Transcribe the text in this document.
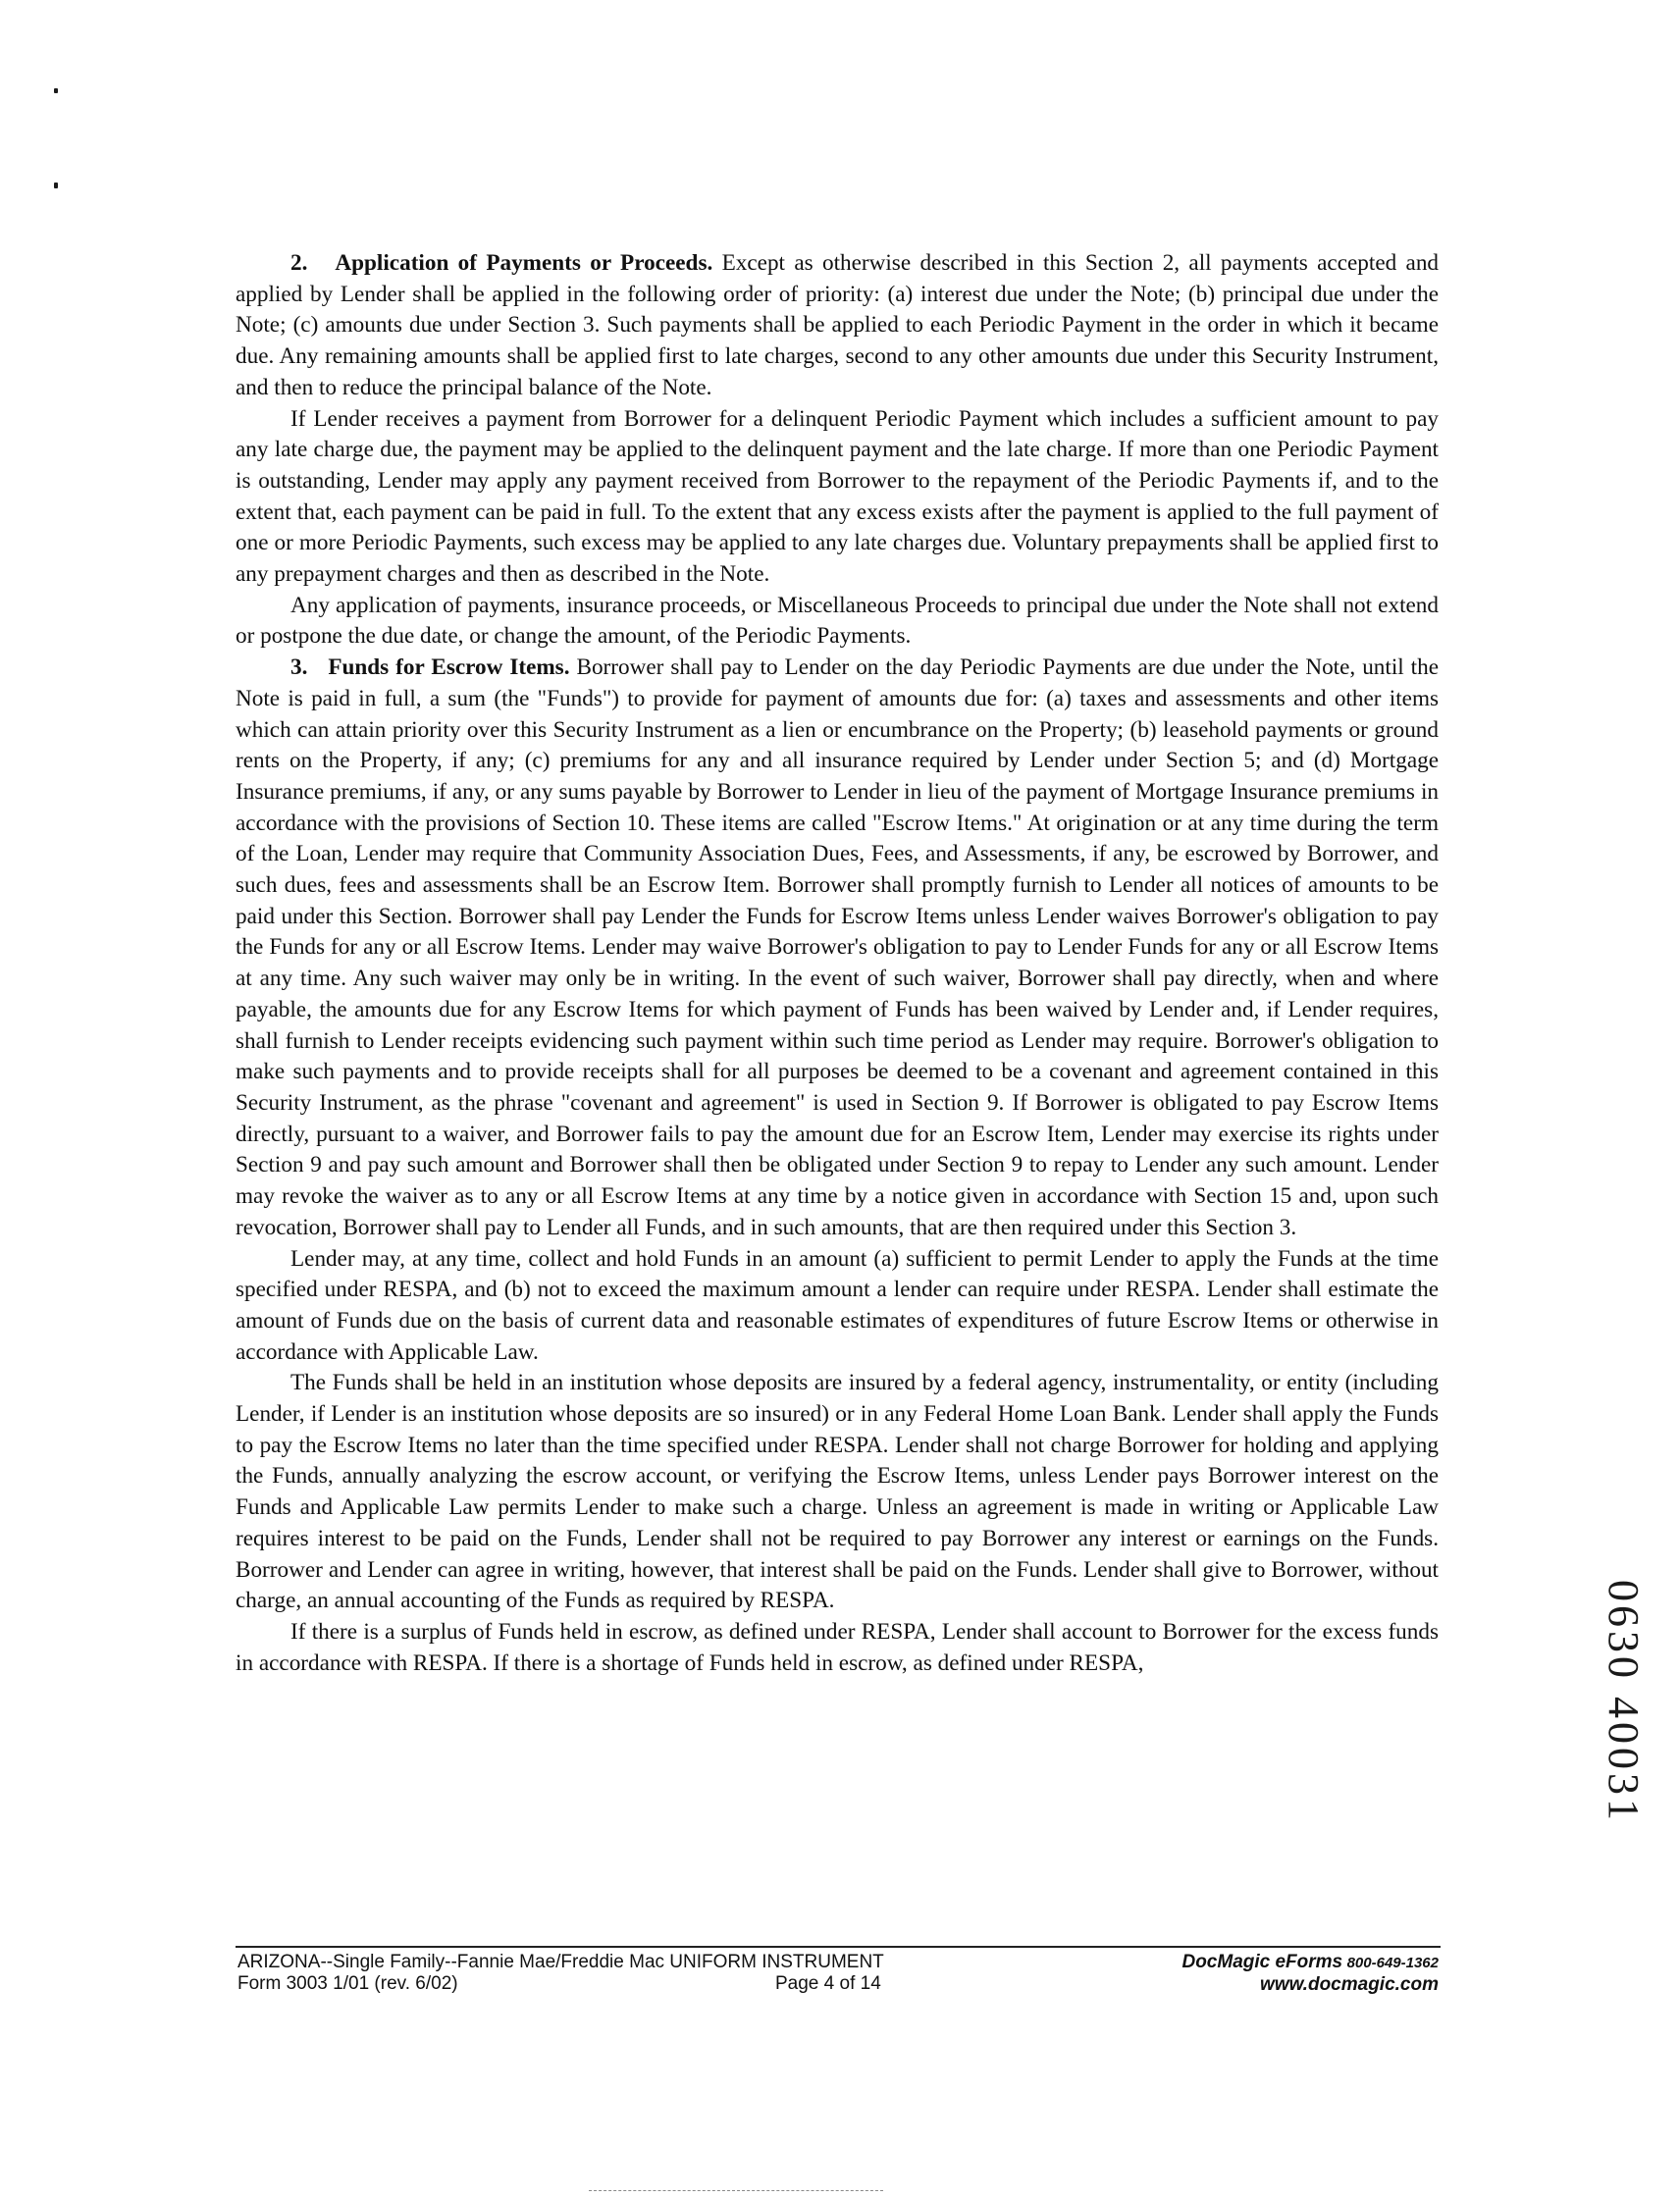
2. Application of Payments or Proceeds. Except as otherwise described in this Section 2, all payments accepted and applied by Lender shall be applied in the following order of priority: (a) interest due under the Note; (b) principal due under the Note; (c) amounts due under Section 3. Such payments shall be applied to each Periodic Payment in the order in which it became due. Any remaining amounts shall be applied first to late charges, second to any other amounts due under this Security Instrument, and then to reduce the principal balance of the Note.

If Lender receives a payment from Borrower for a delinquent Periodic Payment which includes a sufficient amount to pay any late charge due, the payment may be applied to the delinquent payment and the late charge. If more than one Periodic Payment is outstanding, Lender may apply any payment received from Borrower to the repayment of the Periodic Payments if, and to the extent that, each payment can be paid in full. To the extent that any excess exists after the payment is applied to the full payment of one or more Periodic Payments, such excess may be applied to any late charges due. Voluntary prepayments shall be applied first to any prepayment charges and then as described in the Note.

Any application of payments, insurance proceeds, or Miscellaneous Proceeds to principal due under the Note shall not extend or postpone the due date, or change the amount, of the Periodic Payments.

3. Funds for Escrow Items. Borrower shall pay to Lender on the day Periodic Payments are due under the Note, until the Note is paid in full, a sum (the "Funds") to provide for payment of amounts due for: (a) taxes and assessments and other items which can attain priority over this Security Instrument as a lien or encumbrance on the Property; (b) leasehold payments or ground rents on the Property, if any; (c) premiums for any and all insurance required by Lender under Section 5; and (d) Mortgage Insurance premiums, if any, or any sums payable by Borrower to Lender in lieu of the payment of Mortgage Insurance premiums in accordance with the provisions of Section 10. These items are called "Escrow Items." At origination or at any time during the term of the Loan, Lender may require that Community Association Dues, Fees, and Assessments, if any, be escrowed by Borrower, and such dues, fees and assessments shall be an Escrow Item. Borrower shall promptly furnish to Lender all notices of amounts to be paid under this Section. Borrower shall pay Lender the Funds for Escrow Items unless Lender waives Borrower's obligation to pay the Funds for any or all Escrow Items. Lender may waive Borrower's obligation to pay to Lender Funds for any or all Escrow Items at any time. Any such waiver may only be in writing. In the event of such waiver, Borrower shall pay directly, when and where payable, the amounts due for any Escrow Items for which payment of Funds has been waived by Lender and, if Lender requires, shall furnish to Lender receipts evidencing such payment within such time period as Lender may require. Borrower's obligation to make such payments and to provide receipts shall for all purposes be deemed to be a covenant and agreement contained in this Security Instrument, as the phrase "covenant and agreement" is used in Section 9. If Borrower is obligated to pay Escrow Items directly, pursuant to a waiver, and Borrower fails to pay the amount due for an Escrow Item, Lender may exercise its rights under Section 9 and pay such amount and Borrower shall then be obligated under Section 9 to repay to Lender any such amount. Lender may revoke the waiver as to any or all Escrow Items at any time by a notice given in accordance with Section 15 and, upon such revocation, Borrower shall pay to Lender all Funds, and in such amounts, that are then required under this Section 3.

Lender may, at any time, collect and hold Funds in an amount (a) sufficient to permit Lender to apply the Funds at the time specified under RESPA, and (b) not to exceed the maximum amount a lender can require under RESPA. Lender shall estimate the amount of Funds due on the basis of current data and reasonable estimates of expenditures of future Escrow Items or otherwise in accordance with Applicable Law.

The Funds shall be held in an institution whose deposits are insured by a federal agency, instrumentality, or entity (including Lender, if Lender is an institution whose deposits are so insured) or in any Federal Home Loan Bank. Lender shall apply the Funds to pay the Escrow Items no later than the time specified under RESPA. Lender shall not charge Borrower for holding and applying the Funds, annually analyzing the escrow account, or verifying the Escrow Items, unless Lender pays Borrower interest on the Funds and Applicable Law permits Lender to make such a charge. Unless an agreement is made in writing or Applicable Law requires interest to be paid on the Funds, Lender shall not be required to pay Borrower any interest or earnings on the Funds. Borrower and Lender can agree in writing, however, that interest shall be paid on the Funds. Lender shall give to Borrower, without charge, an annual accounting of the Funds as required by RESPA.

If there is a surplus of Funds held in escrow, as defined under RESPA, Lender shall account to Borrower for the excess funds in accordance with RESPA. If there is a shortage of Funds held in escrow, as defined under RESPA,	0630 40031
ARIZONA--Single Family--Fannie Mae/Freddie Mac UNIFORM INSTRUMENT
Form 3003 1/01 (rev. 6/02)	Page 4 of 14
DocMagic eForms 800-649-1362
www.docmagic.com
